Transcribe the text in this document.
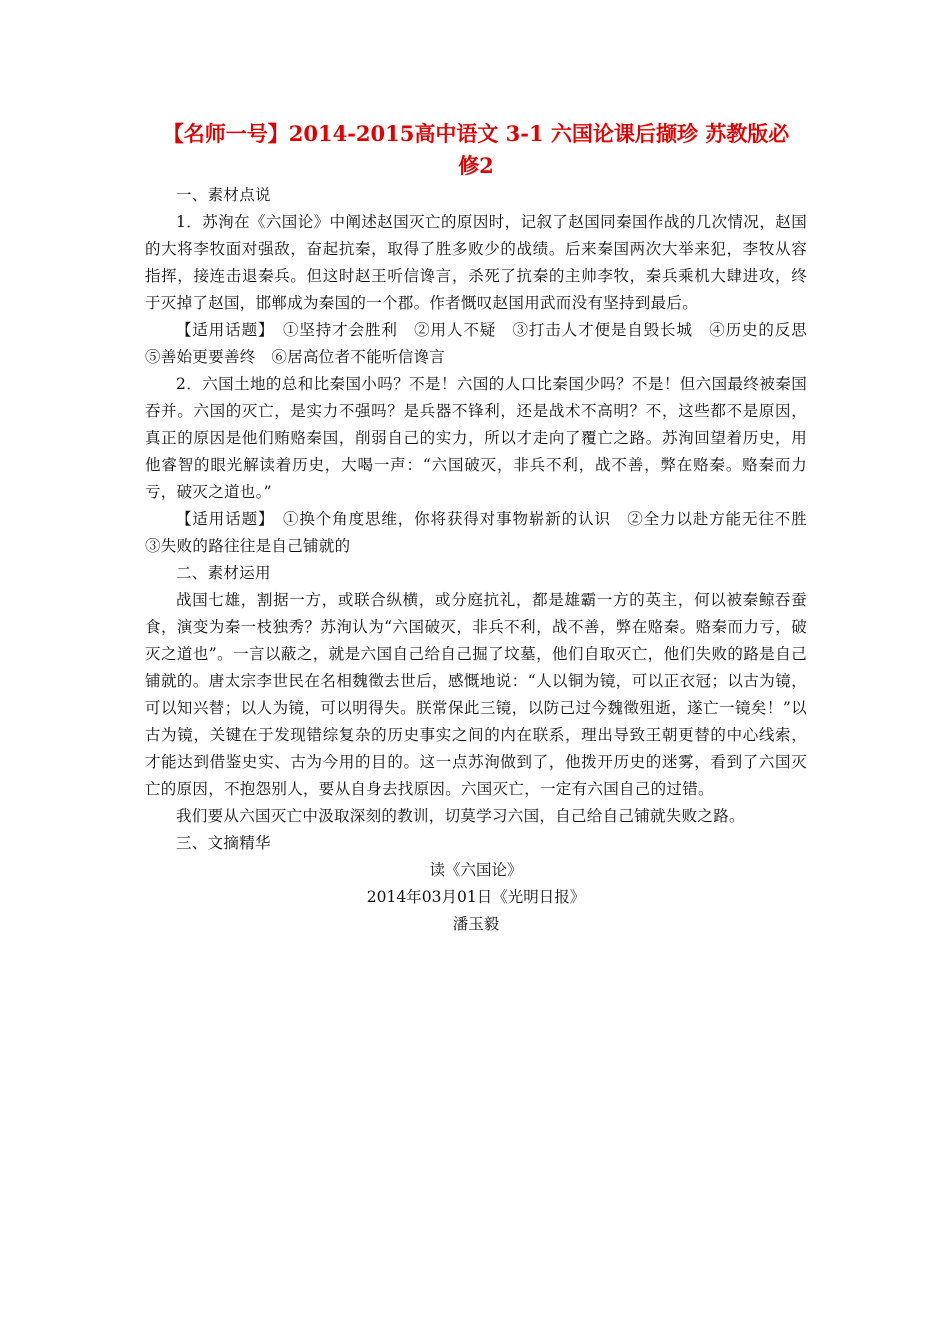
【名师一号】2014-2015高中语文 3-1 六国论课后撷珍 苏教版必
修2

一、素材点说

1．苏洵在《六国论》中阐述赵国灭亡的原因时，记叙了赵国同秦国作战的几次情况，赵国的大将李牧面对强敌，奋起抗秦，取得了胜多败少的战绩。后来秦国两次大举来犯，李牧从容指挥，接连击退秦兵。但这时赵王听信谗言，杀死了抗秦的主帅李牧，秦兵乘机大肆进攻，终于灭掉了赵国，邯郸成为秦国的一个郡。作者慨叹赵国用武而没有坚持到最后。

【适用话题】　①坚持才会胜利　②用人不疑　③打击人才便是自毁长城　④历史的反思　⑤善始更要善终　⑥居高位者不能听信谗言

2．六国土地的总和比秦国小吗？不是！六国的人口比秦国少吗？不是！但六国最终被秦国吞并。六国的灭亡，是实力不强吗？是兵器不锋利，还是战术不高明？不，这些都不是原因，真正的原因是他们贿赂秦国，削弱自己的实力，所以才走向了覆亡之路。苏洵回望着历史，用他睿智的眼光解读着历史，大喝一声：“六国破灭，非兵不利，战不善，弊在赂秦。赂秦而力亏，破灭之道也。”

【适用话题】　①换个角度思维，你将获得对事物崭新的认识　②全力以赴方能无往不胜　③失败的路往往是自己铺就的

二、素材运用

战国七雄，割据一方，或联合纵横，或分庭抗礼，都是雄霸一方的英主，何以被秦鲸吞蚕食，演变为秦一枝独秀？苏洵认为“六国破灭，非兵不利，战不善，弊在赂秦。赂秦而力亏，破灭之道也”。一言以蔽之，就是六国自己给自己掘了坟墓，他们自取灭亡，他们失败的路是自己铺就的。唐太宗李世民在名相魏徵去世后，感慨地说：“人以铜为镜，可以正衣冠；以古为镜，可以知兴替；以人为镜，可以明得失。朕常保此三镜，以防己过今魏徵殂逝，遂亡一镜矣！”以古为镜，关键在于发现错综复杂的历史事实之间的内在联系，理出导致王朝更替的中心线索，才能达到借鉴史实、古为今用的目的。这一点苏洵做到了，他拨开历史的迷雾，看到了六国灭亡的原因，不抱怨别人，要从自身去找原因。六国灭亡，一定有六国自己的过错。

我们要从六国灭亡中汲取深刻的教训，切莫学习六国，自己给自己铺就失败之路。

三、文摘精华

读《六国论》

2014年03月01日《光明日报》

潘玉毅
